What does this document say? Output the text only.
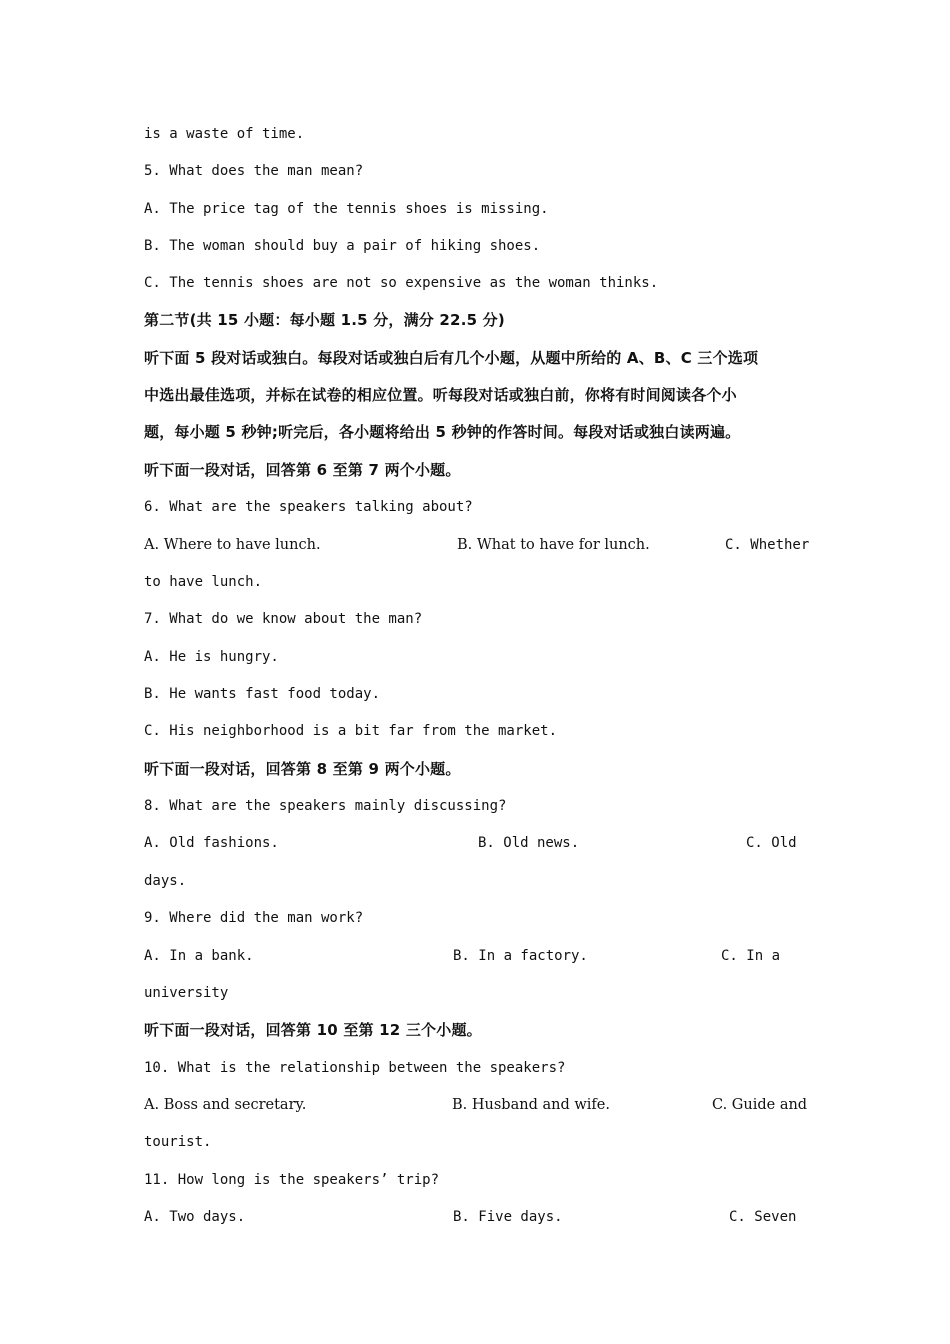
is a waste of time.
5. What does the man mean?
A. The price tag of the tennis shoes is missing.
B. The woman should buy a pair of hiking shoes.
C. The tennis shoes are not so expensive as the woman thinks.
第二节(共 15 小题：每小题 1.5 分，满分 22.5 分)
听下面 5 段对话或独白。每段对话或独白后有几个小题，从题中所给的 A、B、C 三个选项
中选出最佳选项，并标在试卷的相应位置。听每段对话或独白前，你将有时间阅读各个小
题，每小题 5 秒钟;听完后，各小题将给出 5 秒钟的作答时间。每段对话或独白读两遍。
听下面一段对话，回答第 6 至第 7 两个小题。
6. What are the speakers talking about?
A. Where to have lunch.	B. What to have for lunch.	C. Whether
to have lunch.
7. What do we know about the man?
A. He is hungry.
B. He wants fast food today.
C. His neighborhood is a bit far from the market.
听下面一段对话，回答第 8 至第 9 两个小题。
8. What are the speakers mainly discussing?
A. Old fashions.	B. Old news.	C. Old
days.
9. Where did the man work?
A. In a bank.	B. In a factory.	C. In a
university
听下面一段对话，回答第 10 至第 12 三个小题。
10. What is the relationship between the speakers?
A. Boss and secretary.	B. Husband and wife.	C. Guide and
tourist.
11. How long is the speakers’ trip?
A. Two days.	B. Five days.	C. Seven
